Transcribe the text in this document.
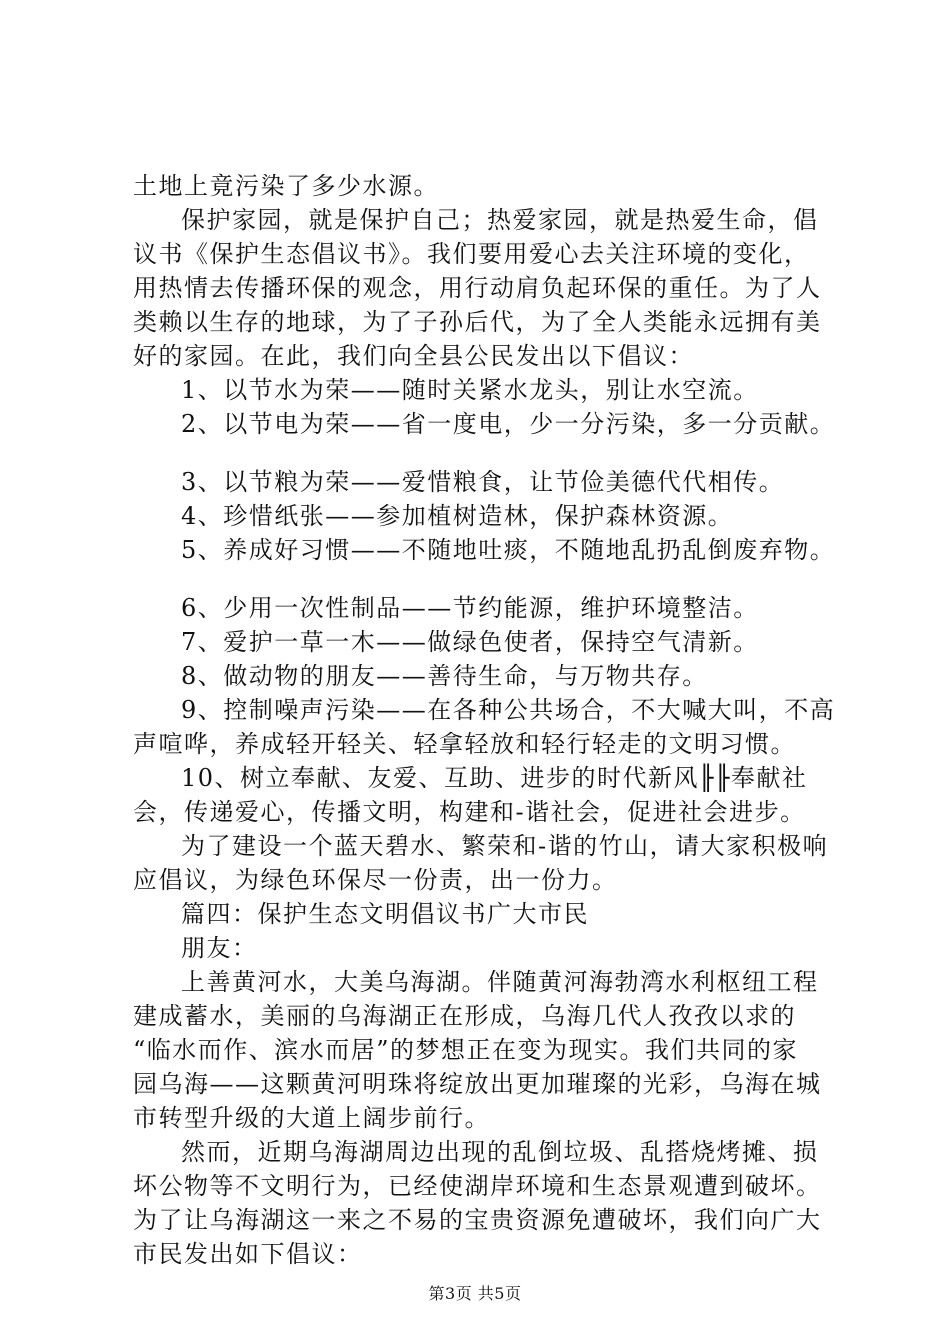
土地上竟污染了多少水源。
保护家园，就是保护自己；热爱家园，就是热爱生命，倡
议书《保护生态倡议书》。我们要用爱心去关注环境的变化，
用热情去传播环保的观念，用行动肩负起环保的重任。为了人
类赖以生存的地球，为了子孙后代，为了全人类能永远拥有美
好的家园。在此，我们向全县公民发出以下倡议：
1、以节水为荣——随时关紧水龙头，别让水空流。
2、以节电为荣——省一度电，少一分污染，多一分贡献。
3、以节粮为荣——爱惜粮食，让节俭美德代代相传。
4、珍惜纸张——参加植树造林，保护森林资源。
5、养成好习惯——不随地吐痰，不随地乱扔乱倒废弃物。
6、少用一次性制品——节约能源，维护环境整洁。
7、爱护一草一木——做绿色使者，保持空气清新。
8、做动物的朋友——善待生命，与万物共存。
9、控制噪声污染——在各种公共场合，不大喊大叫，不高
声喧哗，养成轻开轻关、轻拿轻放和轻行轻走的文明习惯。
10、树立奉献、友爱、互助、进步的时代新风╟╟奉献社
会，传递爱心，传播文明，构建和-谐社会，促进社会进步。
为了建设一个蓝天碧水、繁荣和-谐的竹山，请大家积极响
应倡议，为绿色环保尽一份责，出一份力。
篇四：保护生态文明倡议书广大市民
朋友：
上善黄河水，大美乌海湖。伴随黄河海勃湾水利枢纽工程
建成蓄水，美丽的乌海湖正在形成，乌海几代人孜孜以求的
“临水而作、滨水而居”的梦想正在变为现实。我们共同的家
园乌海——这颗黄河明珠将绽放出更加璀璨的光彩，乌海在城
市转型升级的大道上阔步前行。
然而，近期乌海湖周边出现的乱倒垃圾、乱搭烧烤摊、损
坏公物等不文明行为，已经使湖岸环境和生态景观遭到破坏。
为了让乌海湖这一来之不易的宝贵资源免遭破坏，我们向广大
市民发出如下倡议：
第3页 共5页
